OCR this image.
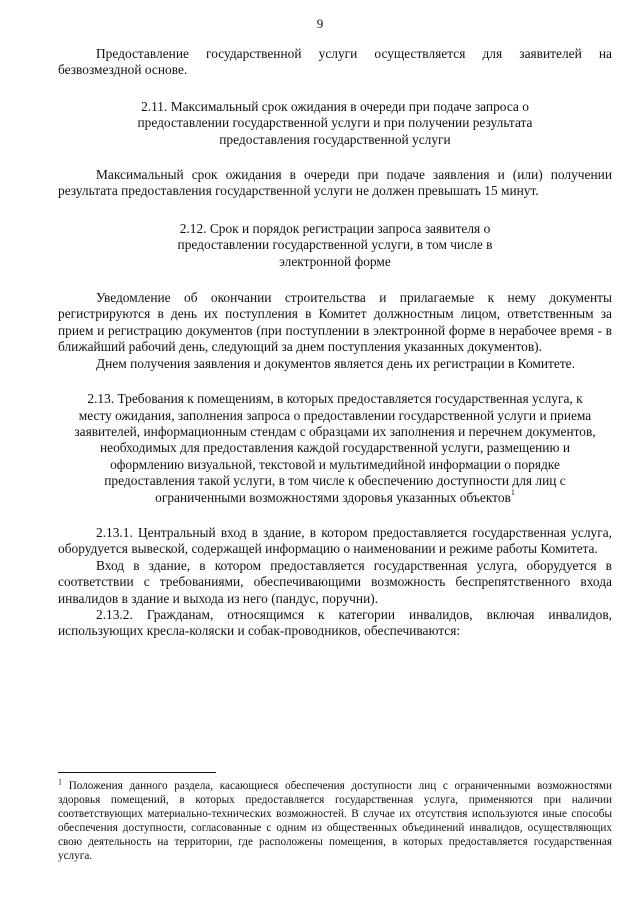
9

Предоставление государственной услуги осуществляется для заявителей на безвозмездной основе.

2.11. Максимальный срок ожидания в очереди при подаче запроса о предоставлении государственной услуги и при получении результата предоставления государственной услуги

Максимальный срок ожидания в очереди при подаче заявления и (или) получении результата предоставления государственной услуги не должен превышать 15 минут.

2.12. Срок и порядок регистрации запроса заявителя о предоставлении государственной услуги, в том числе в электронной форме

Уведомление об окончании строительства и прилагаемые к нему документы регистрируются в день их поступления в Комитет должностным лицом, ответственным за прием и регистрацию документов (при поступлении в электронной форме в нерабочее время - в ближайший рабочий день, следующий за днем поступления указанных документов).

Днем получения заявления и документов является день их регистрации в Комитете.

2.13. Требования к помещениям, в которых предоставляется государственная услуга, к месту ожидания, заполнения запроса о предоставлении государственной услуги и приема заявителей, информационным стендам с образцами их заполнения и перечнем документов, необходимых для предоставления каждой государственной услуги, размещению и оформлению визуальной, текстовой и мультимедийной информации о порядке предоставления такой услуги, в том числе к обеспечению доступности для лиц с ограниченными возможностями здоровья указанных объектов$^1$

2.13.1. Центральный вход в здание, в котором предоставляется государственная услуга, оборудуется вывеской, содержащей информацию о наименовании и режиме работы Комитета.

Вход в здание, в котором предоставляется государственная услуга, оборудуется в соответствии с требованиями, обеспечивающими возможность беспрепятственного входа инвалидов в здание и выхода из него (пандус, поручни).

2.13.2. Гражданам, относящимся к категории инвалидов, включая инвалидов, использующих кресла-коляски и собак-проводников, обеспечиваются:

$^1$ Положения данного раздела, касающиеся обеспечения доступности лиц с ограниченными возможностями здоровья помещений, в которых предоставляется государственная услуга, применяются при наличии соответствующих материально-технических возможностей. В случае их отсутствия используются иные способы обеспечения доступности, согласованные с одним из общественных объединений инвалидов, осуществляющих свою деятельность на территории, где расположены помещения, в которых предоставляется государственная услуга.
